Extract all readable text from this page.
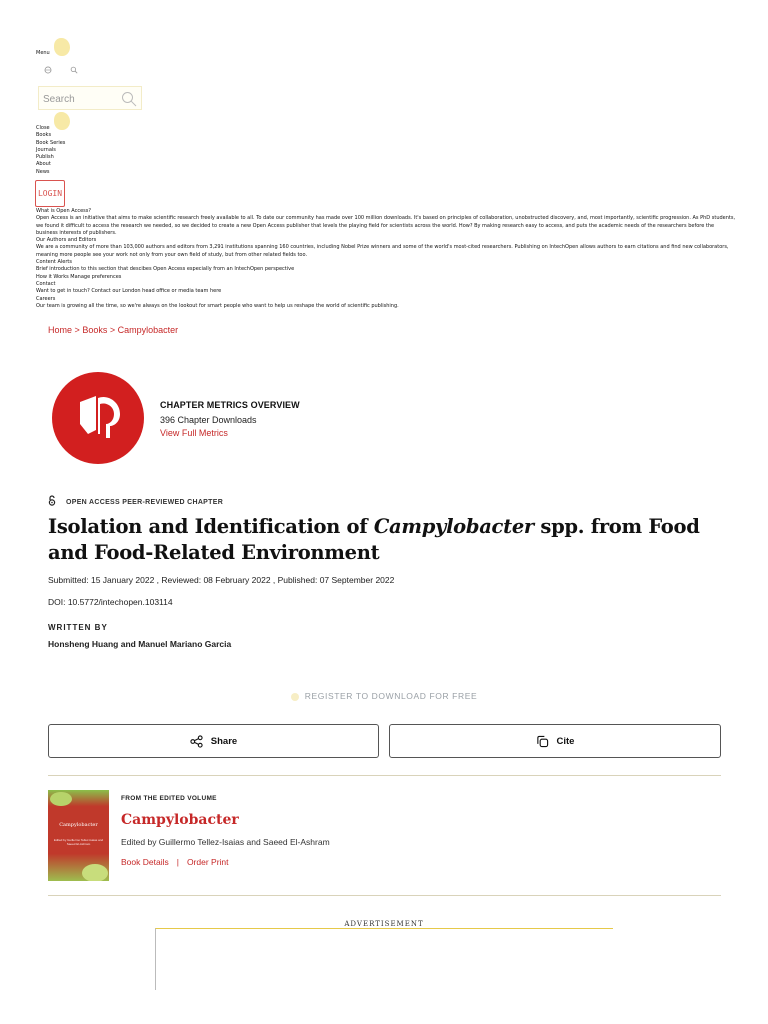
Menu

Search
Close
Books
Book Series
Journals
Publish
About
News
LOGIN
What is Open Access?
Open Access is an initiative that aims to make scientific research freely available to all. To date our community has made over 100 million downloads. It's based on principles of collaboration, unobstructed discovery, and, most importantly, scientific progression. As PhD students, we found it difficult to access the research we needed, so we decided to create a new Open Access publisher that levels the playing field for scientists across the world. How? By making research easy to access, and puts the academic needs of the researchers before the business interests of publishers.
Our Authors and Editors
We are a community of more than 103,000 authors and editors from 3,291 institutions spanning 160 countries, including Nobel Prize winners and some of the world's most-cited researchers. Publishing on IntechOpen allows authors to earn citations and find new collaborators, meaning more people see your work not only from your own field of study, but from other related fields too.
Content Alerts
Brief introduction to this section that descibes Open Access especially from an IntechOpen perspective
How it Works Manage preferences
Contact
Want to get in touch? Contact our London head office or media team here
Careers
Our team is growing all the time, so we're always on the lookout for smart people who want to help us reshape the world of scientific publishing.
Home > Books > Campylobacter
CHAPTER METRICS OVERVIEW
396 Chapter Downloads
View Full Metrics
OPEN ACCESS PEER-REVIEWED CHAPTER
Isolation and Identification of Campylobacter spp. from Food and Food-Related Environment
Submitted: 15 January 2022 , Reviewed: 08 February 2022 , Published: 07 September 2022
DOI: 10.5772/intechopen.103114
WRITTEN BY
Honsheng Huang and Manuel Mariano Garcia
REGISTER TO DOWNLOAD FOR FREE
Share	Cite
Campylobacter
Edited by Guillermo Tellez-Isaias and Saeed El-Ashram
FROM THE EDITED VOLUME
Campylobacter
Edited by Guillermo Tellez-Isaias and Saeed El-Ashram
Book Details | Order Print
ADVERTISEMENT
